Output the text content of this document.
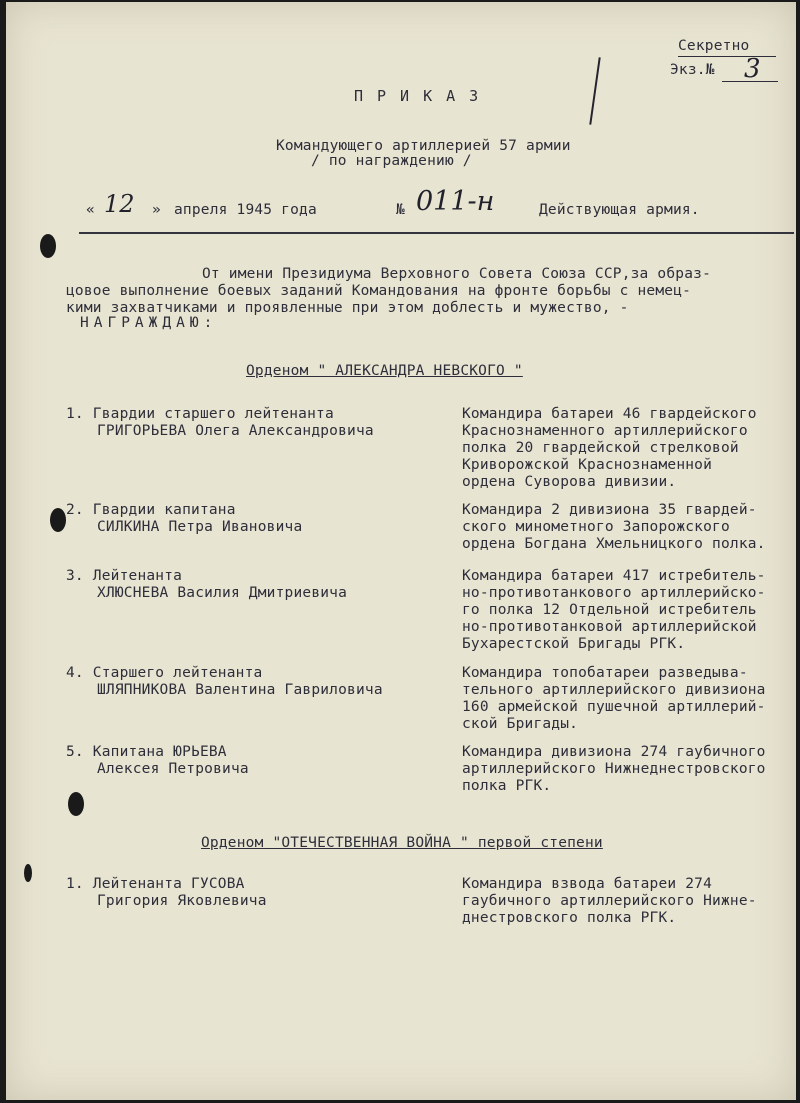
Секретно
Экз.№ 3
ПРИКАЗ
Командующего артиллерией 57 армии
/ по награждению /
« 12 » апреля 1945 года	№ 011-н	Действующая армия.
От имени Президиума Верховного Совета Союза ССР,за образ-
цовое выполнение боевых заданий Командования на фронте борьбы с немец-
кими захватчиками и проявленные при этом доблесть и мужество, -
НАГРАЖДАЮ:
Орденом " АЛЕКСАНДРА НЕВСКОГО "
1. Гвардии старшего лейтенанта
ГРИГОРЬЕВА Олега Александровича
Командира батареи 46 гвардейского
Краснознаменного артиллерийского
полка 20 гвардейской стрелковой
Криворожской Краснознаменной
ордена Суворова дивизии.
2. Гвардии капитана
СИЛКИНА Петра Ивановича
Командира 2 дивизиона 35 гвардей-
ского минометного Запорожского
ордена Богдана Хмельницкого полка.
3. Лейтенанта
ХЛЮСНЕВА Василия Дмитриевича
Командира батареи 417 истребитель-
но-противотанкового артиллерийско-
го полка 12 Отдельной истребитель
но-противотанковой артиллерийской
Бухарестской Бригады РГК.
4. Старшего лейтенанта
ШЛЯПНИКОВА Валентина Гавриловича
Командира топобатареи разведыва-
тельного артиллерийского дивизиона
160 армейской пушечной артиллерий-
ской Бригады.
5. Капитана ЮРЬЕВА
Алексея Петровича
Командира дивизиона 274 гаубичного
артиллерийского Нижнеднестровского
полка РГК.
Орденом "ОТЕЧЕСТВЕННАЯ ВОЙНА " первой степени
1. Лейтенанта ГУСОВА
Григория Яковлевича
Командира взвода батареи 274
гаубичного артиллерийского Нижне-
днестровского полка РГК.
